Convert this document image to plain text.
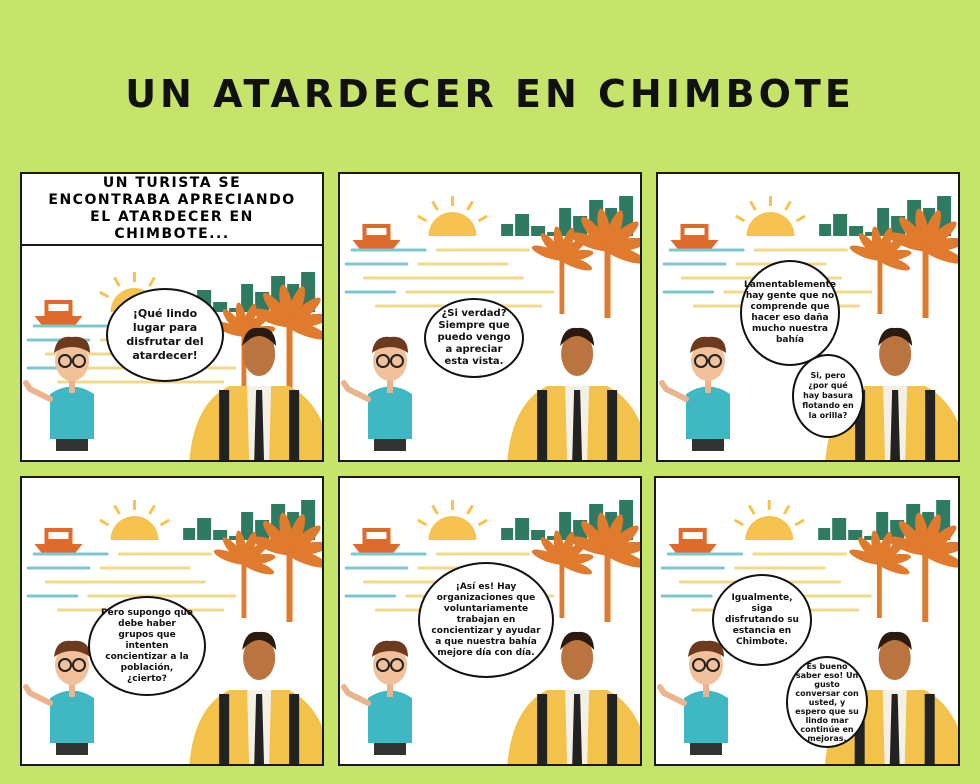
UN ATARDECER EN CHIMBOTE
UN TURISTA SE ENCONTRABA APRECIANDO EL ATARDECER EN CHIMBOTE...
¡Qué lindo lugar para disfrutar del atardecer!
¿Si verdad? Siempre que puedo vengo a apreciar esta vista.
Lamentablemente hay gente que no comprende que hacer eso daña mucho nuestra bahía
Si, pero ¿por qué hay basura flotando en la orilla?
Pero supongo que debe haber grupos que intenten concientizar a la población, ¿cierto?
¡Así es! Hay organizaciones que voluntariamente trabajan en concientizar y ayudar a que nuestra bahía mejore día con día.
Igualmente, siga disfrutando su estancia en Chimbote.
Es bueno saber eso! Un gusto conversar con usted, y espero que su lindo mar continúe en mejoras.
